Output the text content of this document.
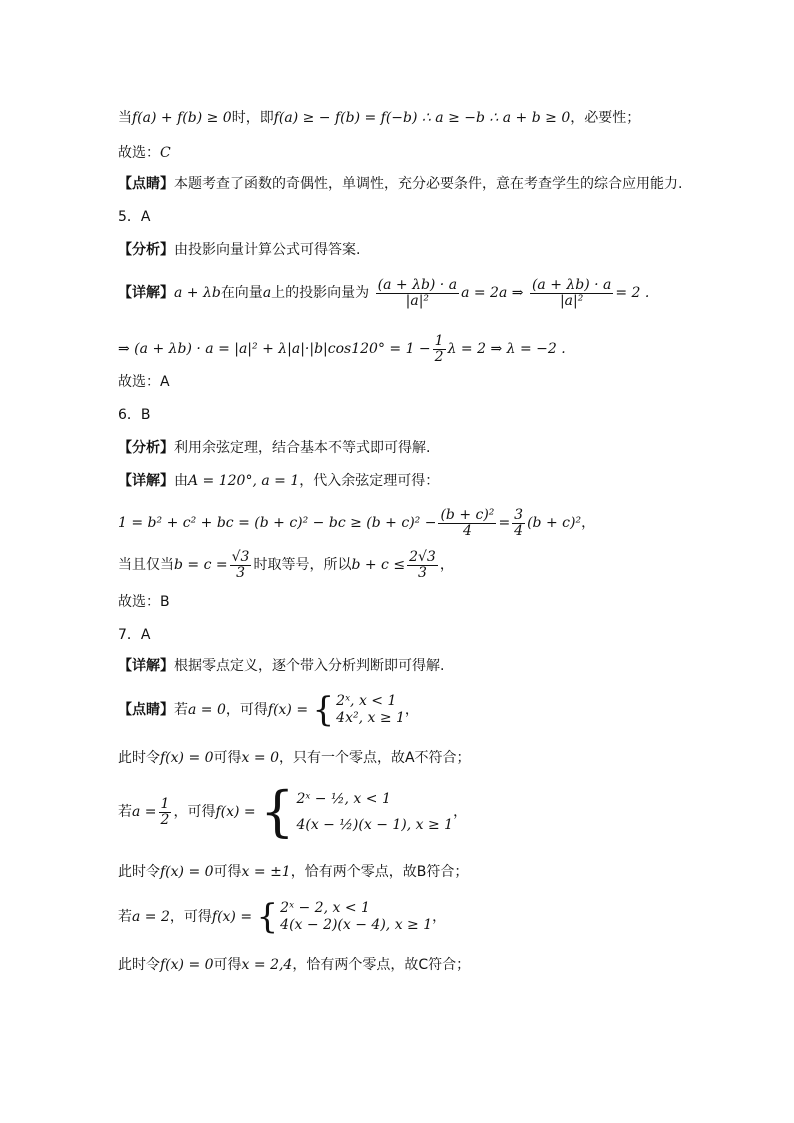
当f(a) + f(b) ≥ 0时，即f(a) ≥ − f(b) = f(−b) ∴ a ≥ −b ∴ a + b ≥ 0，必要性；
故选：C
【点睛】本题考查了函数的奇偶性，单调性，充分必要条件，意在考查学生的综合应用能力.
5．A
【分析】由投影向量计算公式可得答案.
【详解】a + λb在向量a上的投影向量为 $\frac{(a + \lambda b) \cdot a}{\text{|a|²}}$ a = 2a ⇒ $\frac{(a + \lambda b) \cdot a}{\text{|a|²}} = 2$ .
⇒ $(a + \lambda b) \cdot a = |a|^2 + \lambda|a|\cdot|b|\cos 120^\circ = 1 - \frac{1}{2}$ λ = 2 ⇒ λ = −2 .
故选：A
6．B
【分析】利用余弦定理，结合基本不等式即可得解.
【详解】由A = 120°, a = 1，代入余弦定理可得：
1 = b² + c² + bc = (b + c)² − bc ≥ $(b + c)^2 - \frac{\text{(b + c)²}}{4} = \frac{3}{4} (b + c)^2$，
当且仅当$b = c = \frac{√3}{3}$ 时取等号，所以$b + c \le \frac{2√3}{3}$ ，
故选：B
7．A
【详解】根据零点定义，逐个带入分析判断即可得解.
【点睛】若a = 0，可得f(x) = { 2ˣ, x < 1
4x², x ≥ 1 ，
此时令f(x) = 0可得x = 0，只有一个零点，故A不符合；
若$a = \frac{1}{2}$ ，可得f(x) = { 2ˣ − ½, x < 1
4(x − ½)(x − 1), x ≥ 1
，
此时令f(x) = 0可得x = ±1，恰有两个零点，故B符合；
若a = 2，可得f(x) = { 2ˣ − 2, x < 1
4(x − 2)(x − 4), x ≥ 1 ，
此时令f(x) = 0可得x = 2,4，恰有两个零点，故C符合；
